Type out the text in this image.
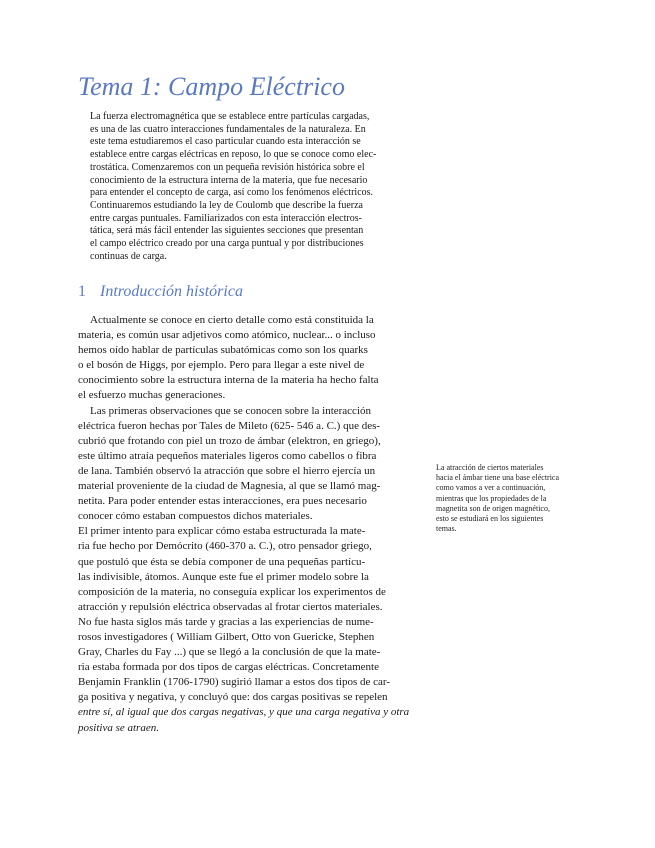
Tema 1: Campo Eléctrico
La fuerza electromagnética que se establece entre partículas cargadas,
es una de las cuatro interacciones fundamentales de la naturaleza. En
este tema estudiaremos el caso particular cuando esta interacción se
establece entre cargas eléctricas en reposo, lo que se conoce como elec-
trostática. Comenzaremos con un pequeña revisión histórica sobre el
conocimiento de la estructura interna de la materia, que fue necesario
para entender el concepto de carga, así como los fenómenos eléctricos.
Continuaremos estudiando la ley de Coulomb que describe la fuerza
entre cargas puntuales. Familiarizados con esta interacción electros-
tática, será más fácil entender las siguientes secciones que presentan
el campo eléctrico creado por una carga puntual y por distribuciones
continuas de carga.
1 Introducción histórica
Actualmente se conoce en cierto detalle como está constituida la
materia, es común usar adjetivos como atómico, nuclear... o incluso
hemos oído hablar de partículas subatómicas como son los quarks
o el bosón de Higgs, por ejemplo. Pero para llegar a este nivel de
conocimiento sobre la estructura interna de la materia ha hecho falta
el esfuerzo muchas generaciones.
Las primeras observaciones que se conocen sobre la interacción
eléctrica fueron hechas por Tales de Mileto (625- 546 a. C.) que des-
cubrió que frotando con piel un trozo de ámbar (elektron, en griego),
este último atraía pequeños materiales ligeros como cabellos o fibra
de lana. También observó la atracción que sobre el hierro ejercía un
material proveniente de la ciudad de Magnesia, al que se llamó mag-
netita. Para poder entender estas interacciones, era pues necesario
conocer cómo estaban compuestos dichos materiales.
El primer intento para explicar cómo estaba estructurada la mate-
ria fue hecho por Demócrito (460-370 a. C.), otro pensador griego,
que postuló que ésta se debía componer de una pequeñas partícu-
las indivisible, átomos. Aunque este fue el primer modelo sobre la
composición de la materia, no conseguía explicar los experimentos de
atracción y repulsión eléctrica observadas al frotar ciertos materiales.
No fue hasta siglos más tarde y gracias a las experiencias de nume-
rosos investigadores ( William Gilbert, Otto von Guericke, Stephen
Gray, Charles du Fay ...) que se llegó a la conclusión de que la mate-
ria estaba formada por dos tipos de cargas eléctricas. Concretamente
Benjamin Franklin (1706-1790) sugirió llamar a estos dos tipos de car-
ga positiva y negativa, y concluyó que: dos cargas positivas se repelen
entre sí, al igual que dos cargas negativas, y que una carga negativa y otra
positiva se atraen.
La atracción de ciertos materiales
hacia el ámbar tiene una base eléctrica
como vamos a ver a continuación,
mientras que los propiedades de la
magnetita son de origen magnético,
esto se estudiará en los siguientes
temas.
